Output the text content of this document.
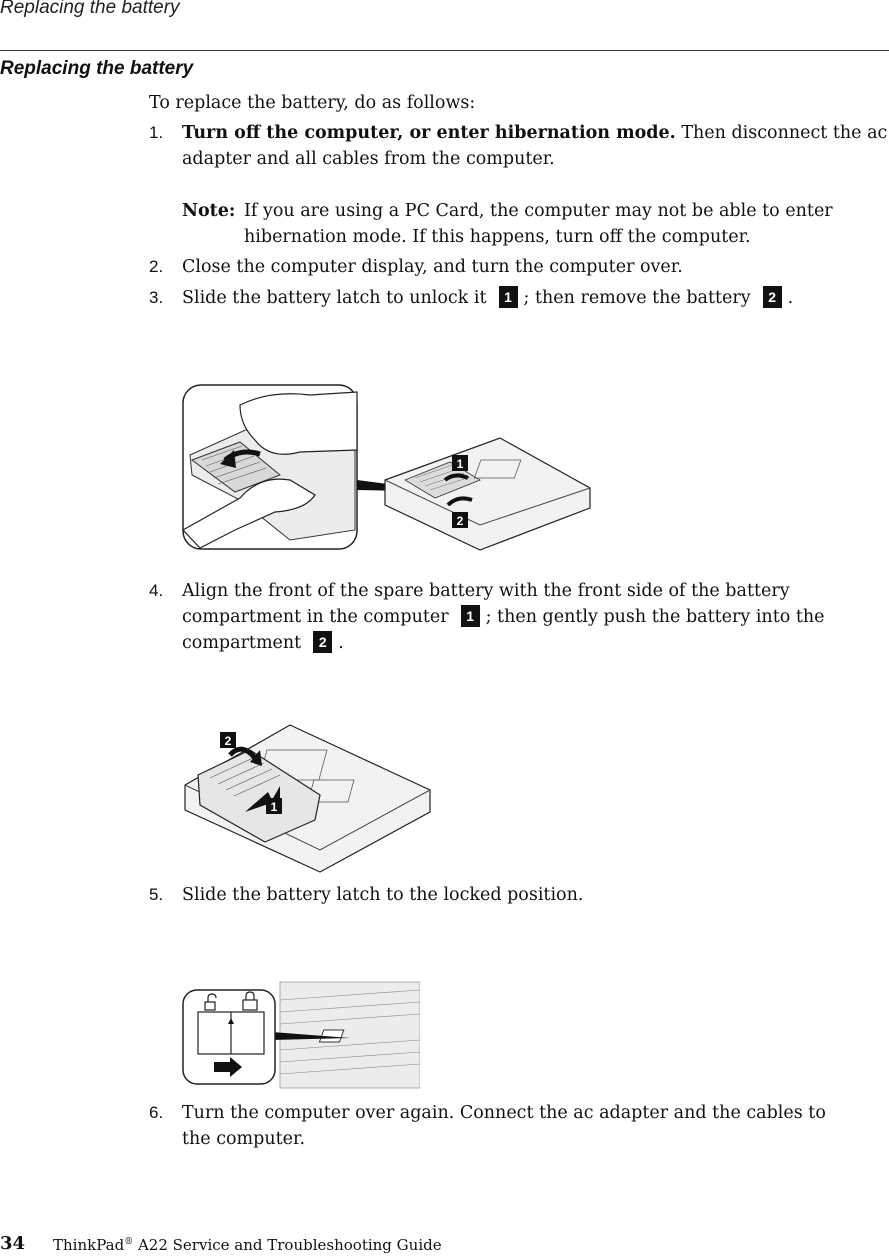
Replacing the battery
Replacing the battery
To replace the battery, do as follows:
1. Turn off the computer, or enter hibernation mode. Then disconnect the ac
adapter and all cables from the computer.
Note: If you are using a PC Card, the computer may not be able to enter
hibernation mode. If this happens, turn off the computer.
2. Close the computer display, and turn the computer over.
3. Slide the battery latch to unlock it 1 ; then remove the battery 2 .
1
2
4. Align the front of the spare battery with the front side of the battery
compartment in the computer 1 ; then gently push the battery into the
compartment 2 .
2
1
5. Slide the battery latch to the locked position.
6. Turn the computer over again. Connect the ac adapter and the cables to
the computer.
34 ThinkPad® A22 Service and Troubleshooting Guide
